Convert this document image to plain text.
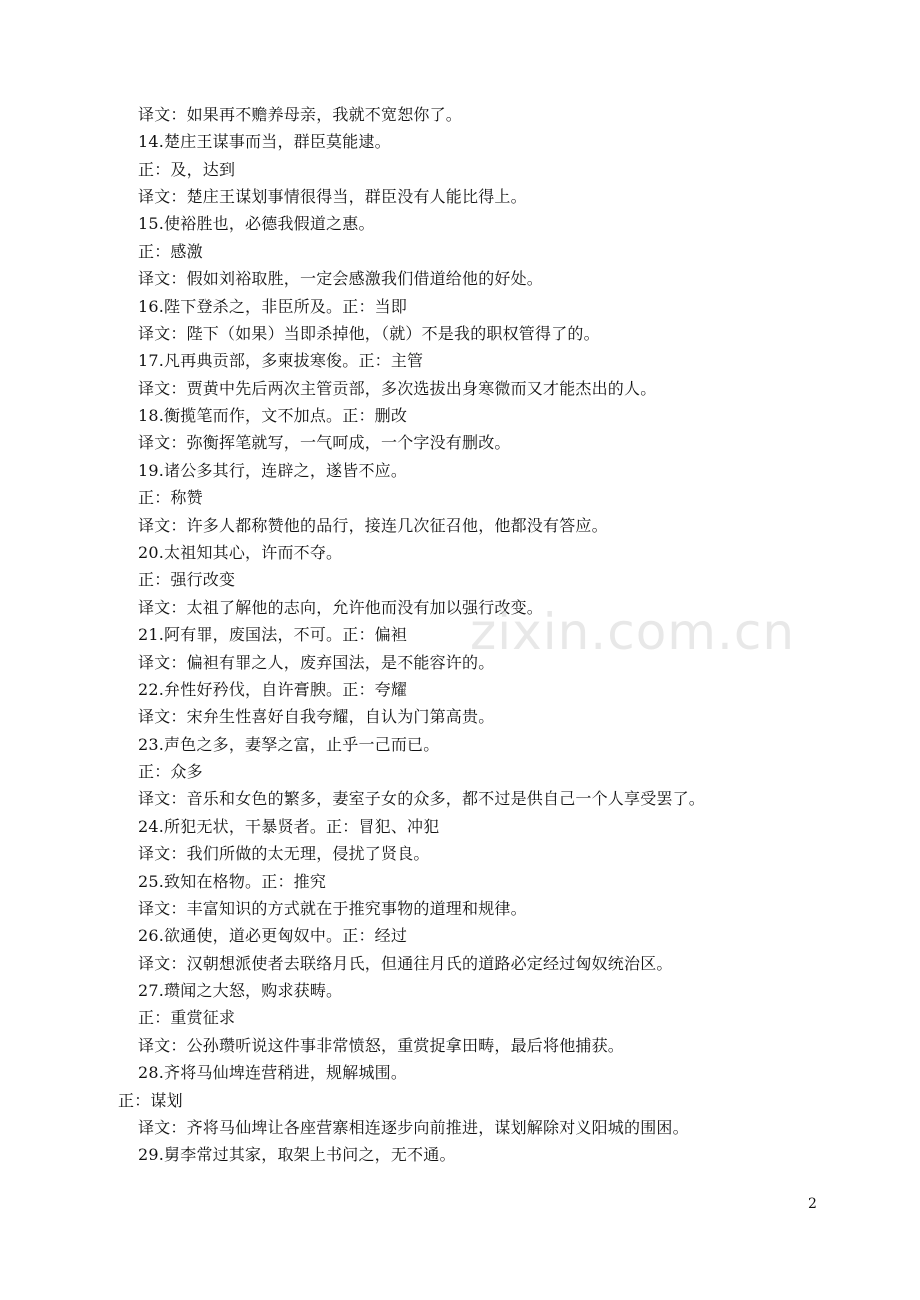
译文：如果再不赡养母亲，我就不宽恕你了。
14.楚庄王谋事而当，群臣莫能逮。
正：及，达到
译文：楚庄王谋划事情很得当，群臣没有人能比得上。
15.使裕胜也，必德我假道之惠。
正：感激
译文：假如刘裕取胜，一定会感激我们借道给他的好处。
16.陛下登杀之，非臣所及。正：当即
译文：陛下（如果）当即杀掉他，（就）不是我的职权管得了的。
17.凡再典贡部，多柬拔寒俊。正：主管
译文：贾黄中先后两次主管贡部，多次选拔出身寒微而又才能杰出的人。
18.衡揽笔而作，文不加点。正：删改
译文：弥衡挥笔就写，一气呵成，一个字没有删改。
19.诸公多其行，连辟之，遂皆不应。
正：称赞
译文：许多人都称赞他的品行，接连几次征召他，他都没有答应。
20.太祖知其心，许而不夺。
正：强行改变
译文：太祖了解他的志向，允许他而没有加以强行改变。
21.阿有罪，废国法，不可。正：偏袒
译文：偏袒有罪之人，废弃国法，是不能容许的。
22.弁性好矜伐，自许膏腴。正：夸耀
译文：宋弁生性喜好自我夸耀，自认为门第高贵。
23.声色之多，妻孥之富，止乎一己而已。
正：众多
译文：音乐和女色的繁多，妻室子女的众多，都不过是供自己一个人享受罢了。
24.所犯无状，干暴贤者。正：冒犯、冲犯
译文：我们所做的太无理，侵扰了贤良。
25.致知在格物。正：推究
译文：丰富知识的方式就在于推究事物的道理和规律。
26.欲通使，道必更匈奴中。正：经过
译文：汉朝想派使者去联络月氏，但通往月氏的道路必定经过匈奴统治区。
27.瓒闻之大怒，购求获畴。
正：重赏征求
译文：公孙瓒听说这件事非常愤怒，重赏捉拿田畴，最后将他捕获。
28.齐将马仙埤连营稍进，规解城围。
正：谋划
译文：齐将马仙埤让各座营寨相连逐步向前推进，谋划解除对义阳城的围困。
29.舅李常过其家，取架上书问之，无不通。
zixin.com.cn
2
